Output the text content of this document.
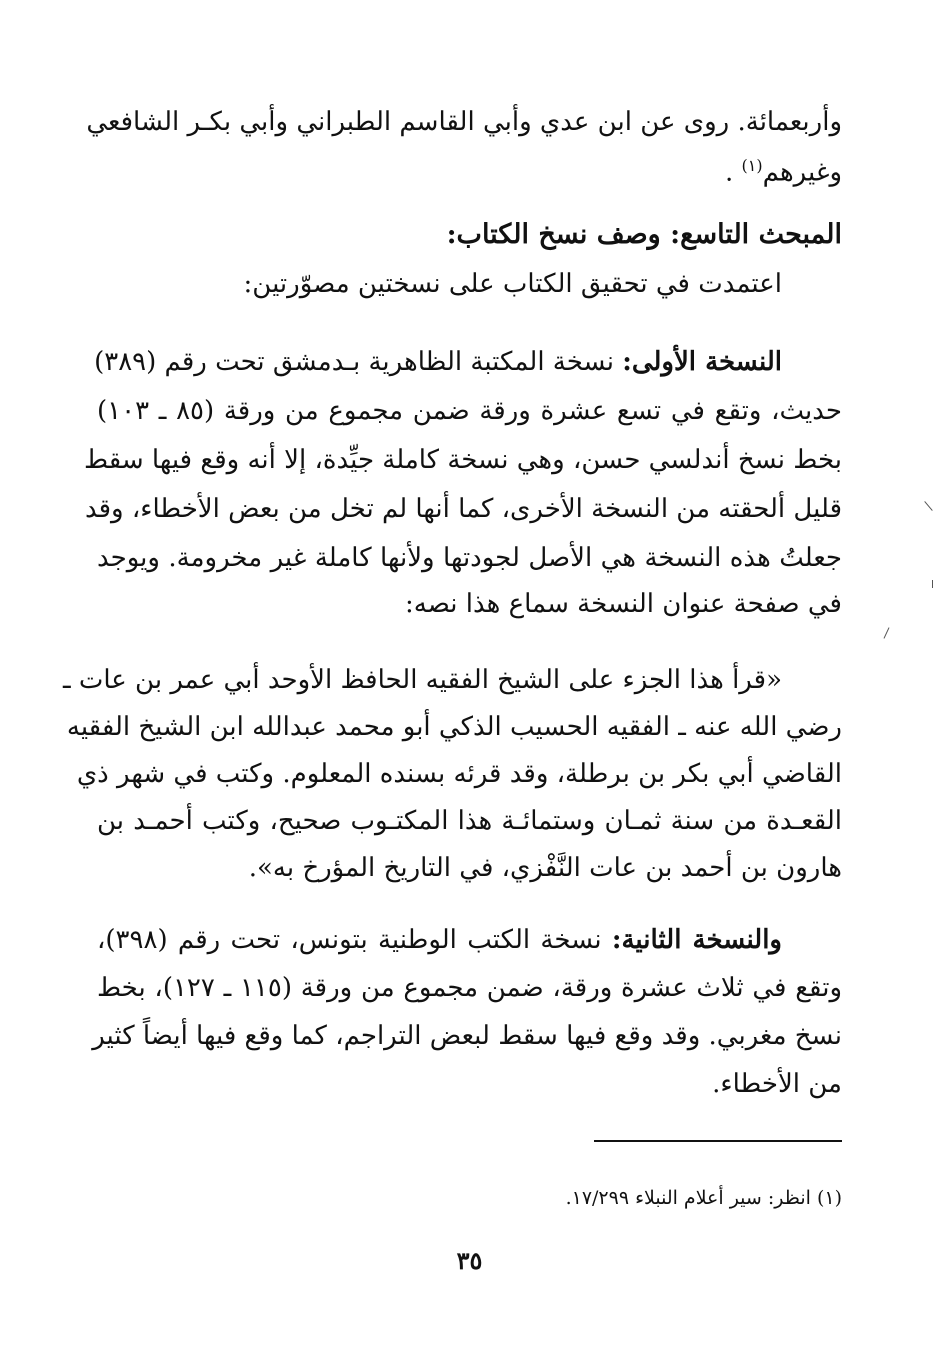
وأربعمائة. روى عن ابن عدي وأبي القاسم الطبراني وأبي بكـر الشافعي
وغيرهم$^{(١)}$ .
المبحث التاسع: وصف نسخ الكتاب:
اعتمدت في تحقيق الكتاب على نسختين مصوّرتين:
النسخة الأولى: نسخة المكتبة الظاهرية بـدمشق تحت رقم (٣٨٩)
حديث، وتقع في تسع عشرة ورقة ضمن مجموع من ورقة (٨٥ ـ ١٠٣)
بخط نسخ أندلسي حسن، وهي نسخة كاملة جيِّدة، إلا أنه وقع فيها سقط
قليل ألحقته من النسخة الأخرى، كما أنها لم تخل من بعض الأخطاء، وقد
جعلتُ هذه النسخة هي الأصل لجودتها ولأنها كاملة غير مخرومة. ويوجد
في صفحة عنوان النسخة سماع هذا نصه:
«قرأ هذا الجزء على الشيخ الفقيه الحافظ الأوحد أبي عمر بن عات ـ
رضي الله عنه ـ الفقيه الحسيب الذكي أبو محمد عبدالله ابن الشيخ الفقيه
القاضي أبي بكر بن برطلة، وقد قرئه بسنده المعلوم. وكتب في شهر ذي
القعـدة من سنة ثمـان وستمائـة هذا المكتـوب صحيح، وكتب أحمـد بن
هارون بن أحمد بن عات النَّفْزي، في التاريخ المؤرخ به».
والنسخة الثانية: نسخة الكتب الوطنية بتونس، تحت رقم (٣٩٨)،
وتقع في ثلاث عشرة ورقة، ضمن مجموع من ورقة (١١٥ ـ ١٢٧)، بخط
نسخ مغربي. وقد وقع فيها سقط لبعض التراجم، كما وقع فيها أيضاً كثير
من الأخطاء.
(١) انظر: سير أعلام النبلاء ١٧/٢٩٩.
٣٥
